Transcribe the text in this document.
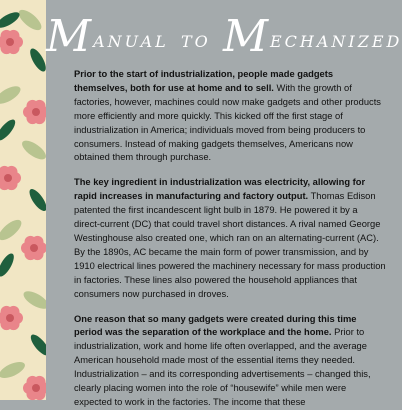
MANUAL TO MECHANIZED

Prior to the start of industrialization, people made gadgets themselves, both for use at home and to sell. With the growth of factories, however, machines could now make gadgets and other products more efficiently and more quickly. This kicked off the first stage of industrialization in America; individuals moved from being producers to consumers. Instead of making gadgets themselves, Americans now obtained them through purchase.

The key ingredient in industrialization was electricity, allowing for rapid increases in manufacturing and factory output. Thomas Edison patented the first incandescent light bulb in 1879. He powered it by a direct-current (DC) that could travel short distances. A rival named George Westinghouse also created one, which ran on an alternating-current (AC). By the 1890s, AC became the main form of power transmission, and by 1910 electrical lines powered the machinery necessary for mass production in factories. These lines also powered the household appliances that consumers now purchased in droves.

One reason that so many gadgets were created during this time period was the separation of the workplace and the home. Prior to industrialization, work and home life often overlapped, and the average American household made most of the essential items they needed. Industrialization – and its corresponding advertisements – changed this, clearly placing women into the role of “housewife” while men were expected to work in the factories. The income that these
